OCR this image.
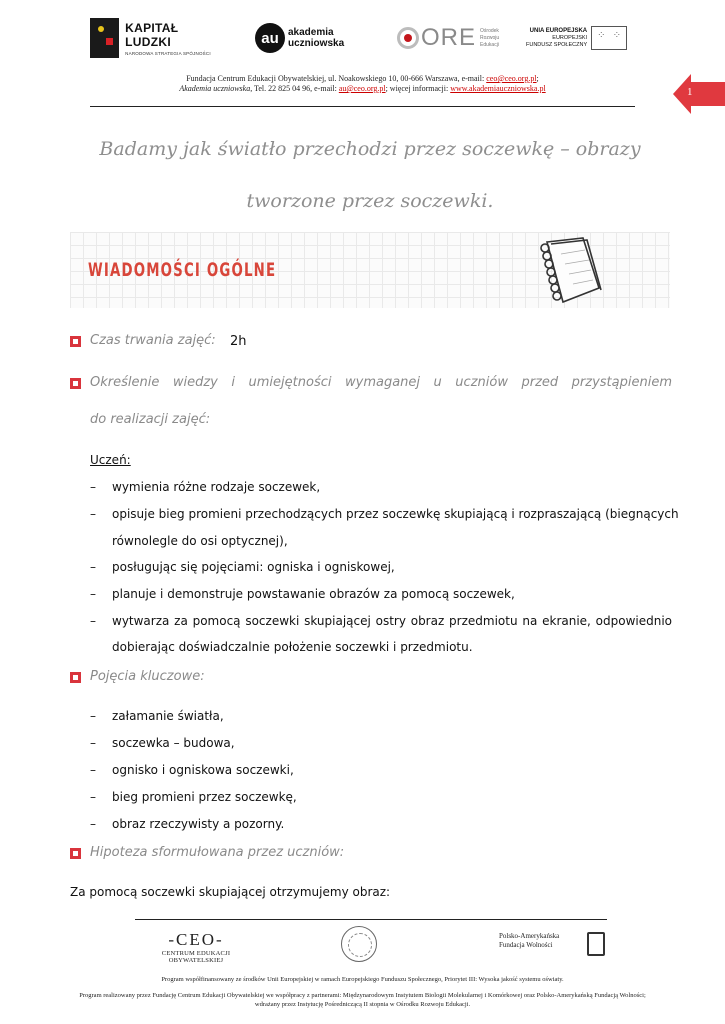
KAPITAŁ LUDZKI
NARODOWA STRATEGIA SPÓJNOŚCI
au akademia
uczniowska	ORE Ośrodek
Rozwoju
Edukacji
UNIA EUROPEJSKA
EUROPEJSKI
FUNDUSZ SPOŁECZNY
⁘ ⁘
Fundacja Centrum Edukacji Obywatelskiej, ul. Noakowskiego 10, 00-666 Warszawa, e-mail: ceo@ceo.org.pl;
Akademia uczniowska, Tel. 22 825 04 96, e-mail: au@ceo.org.pl; więcej informacji: www.akademiauczniowska.pl	1
Badamy jak światło przechodzi przez soczewkę – obrazy
tworzone przez soczewki.
WIADOMOŚCI OGÓLNE
Czas trwania zajęć: 2h
Określenie wiedzy i umiejętności wymaganej u uczniów przed przystąpieniem
do realizacji zajęć:
Uczeń:
– wymienia różne rodzaje soczewek,
– opisuje bieg promieni przechodzących przez soczewkę skupiającą i rozpraszającą (biegnących
równolegle do osi optycznej),
– posługując się pojęciami: ogniska i ogniskowej,
– planuje i demonstruje powstawanie obrazów za pomocą soczewek,
– wytwarza za pomocą soczewki skupiającej ostry obraz przedmiotu na ekranie, odpowiednio
dobierając doświadczalnie położenie soczewki i przedmiotu.
Pojęcia kluczowe:
– załamanie światła,
– soczewka – budowa,
– ognisko i ogniskowa soczewki,
– bieg promieni przez soczewkę,
– obraz rzeczywisty a pozorny.
Hipoteza sformułowana przez uczniów:
Za pomocą soczewki skupiającej otrzymujemy obraz:
-CEO-
CENTRUM EDUKACJI OBYWATELSKIEJ
Polsko-Amerykańska
Fundacja Wolności
Program współfinansowany ze środków Unii Europejskiej w ramach Europejskiego Funduszu Społecznego, Priorytet III: Wysoka jakość systemu oświaty.
Program realizowany przez Fundację Centrum Edukacji Obywatelskiej we współpracy z partnerami: Międzynarodowym Instytutem Biologii Molekularnej i Komórkowej oraz Polsko-Amerykańską Fundacją Wolności;
wdrażany przez Instytucję Pośredniczącą II stopnia w Ośrodku Rozwoju Edukacji.
